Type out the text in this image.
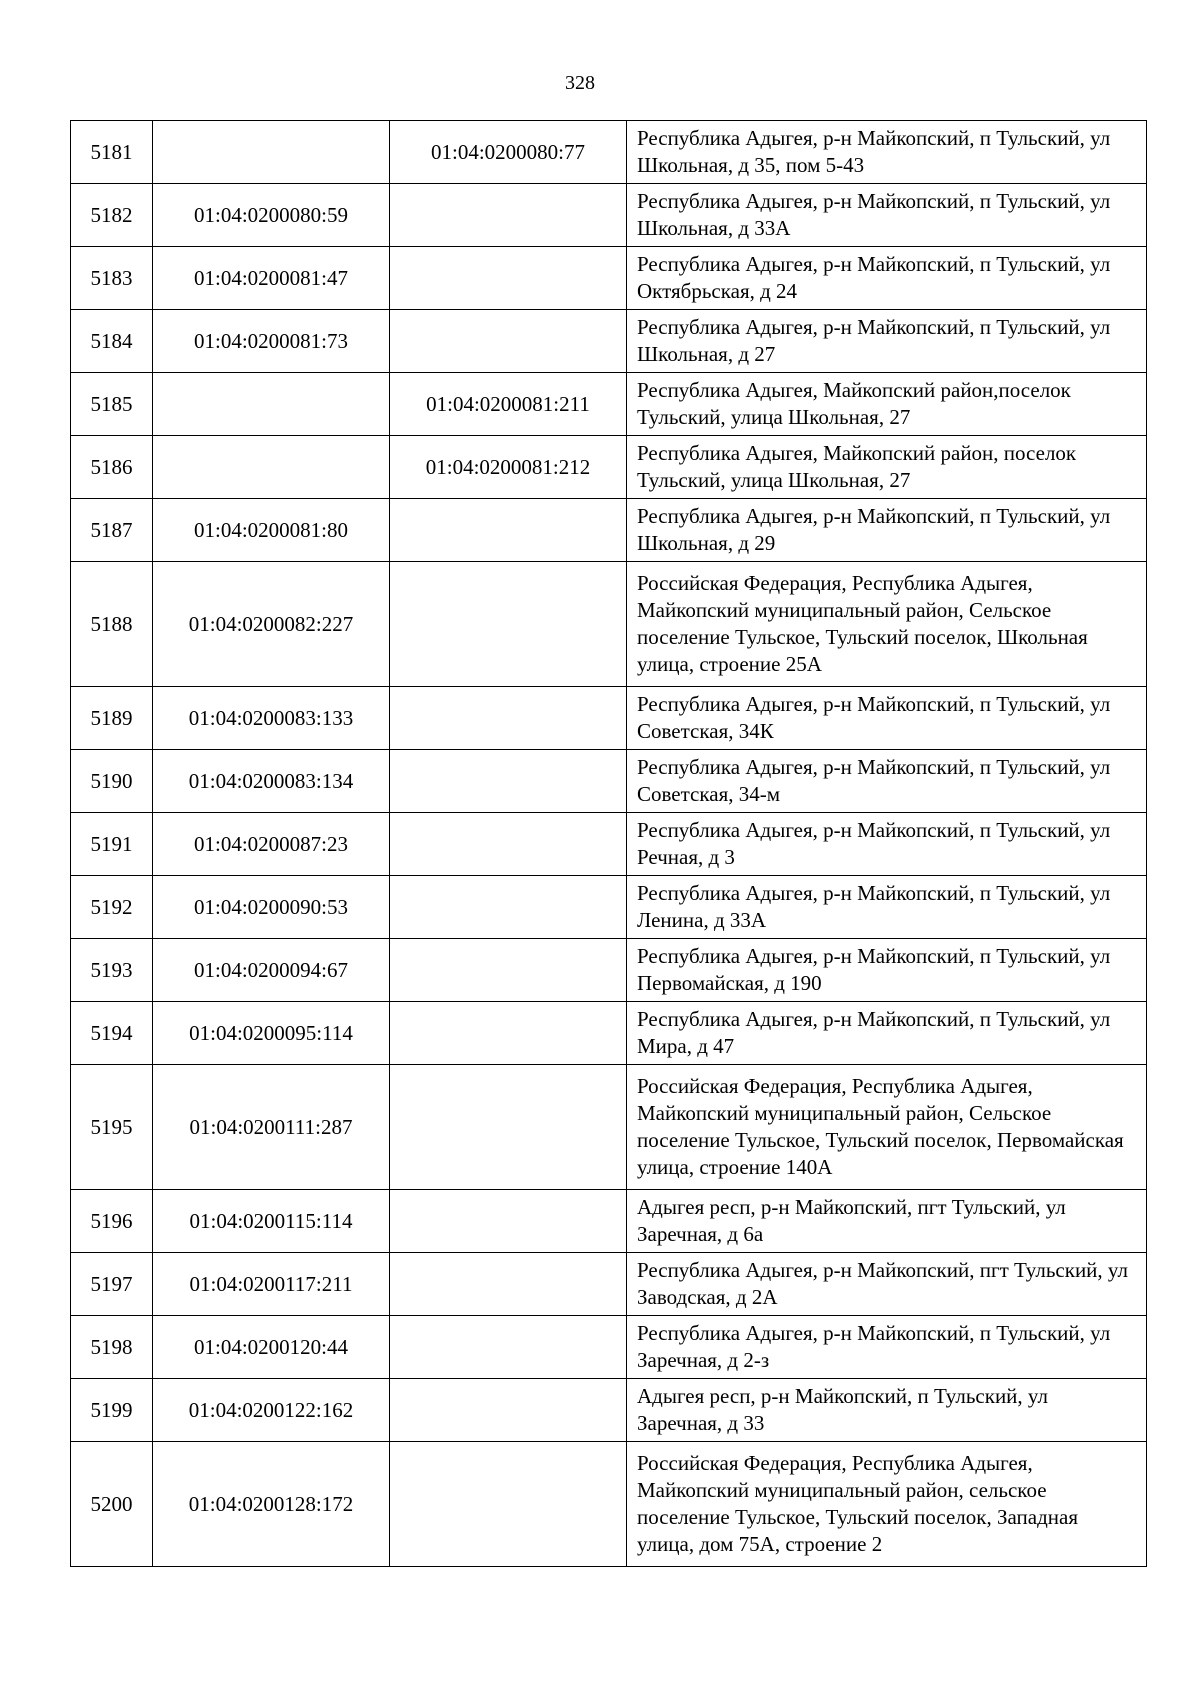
328
5181		01:04:0200080:77	Республика Адыгея, р-н Майкопский, п Тульский, ул Школьная, д 35, пом 5-43
5182	01:04:0200080:59		Республика Адыгея, р-н Майкопский, п Тульский, ул Школьная, д 33А
5183	01:04:0200081:47		Республика Адыгея, р-н Майкопский, п Тульский, ул Октябрьская, д 24
5184	01:04:0200081:73		Республика Адыгея, р-н Майкопский, п Тульский, ул Школьная, д 27
5185		01:04:0200081:211	Республика Адыгея, Майкопский район,поселок Тульский, улица Школьная, 27
5186		01:04:0200081:212	Республика Адыгея, Майкопский район, поселок Тульский, улица Школьная, 27
5187	01:04:0200081:80		Республика Адыгея, р-н Майкопский, п Тульский, ул Школьная, д 29
5188	01:04:0200082:227		Российская Федерация, Республика Адыгея, Майкопский муниципальный район, Сельское поселение Тульское, Тульский поселок, Школьная улица, строение 25А
5189	01:04:0200083:133		Республика Адыгея, р-н Майкопский, п Тульский, ул Советская, 34К
5190	01:04:0200083:134		Республика Адыгея, р-н Майкопский, п Тульский, ул Советская, 34-м
5191	01:04:0200087:23		Республика Адыгея, р-н Майкопский, п Тульский, ул Речная, д 3
5192	01:04:0200090:53		Республика Адыгея, р-н Майкопский, п Тульский, ул Ленина, д 33А
5193	01:04:0200094:67		Республика Адыгея, р-н Майкопский, п Тульский, ул Первомайская, д 190
5194	01:04:0200095:114		Республика Адыгея, р-н Майкопский, п Тульский, ул Мира, д 47
5195	01:04:0200111:287		Российская Федерация, Республика Адыгея, Майкопский муниципальный район, Сельское поселение Тульское, Тульский поселок, Первомайская улица, строение 140А
5196	01:04:0200115:114		Адыгея респ, р-н Майкопский, пгт Тульский, ул Заречная, д 6а
5197	01:04:0200117:211		Республика Адыгея, р-н Майкопский, пгт Тульский, ул Заводская, д 2А
5198	01:04:0200120:44		Республика Адыгея, р-н Майкопский, п Тульский, ул Заречная, д 2-з
5199	01:04:0200122:162		Адыгея респ, р-н Майкопский, п Тульский, ул Заречная, д 33
5200	01:04:0200128:172		Российская Федерация, Республика Адыгея, Майкопский муниципальный район, сельское поселение Тульское, Тульский поселок, Западная улица, дом 75А, строение 2
